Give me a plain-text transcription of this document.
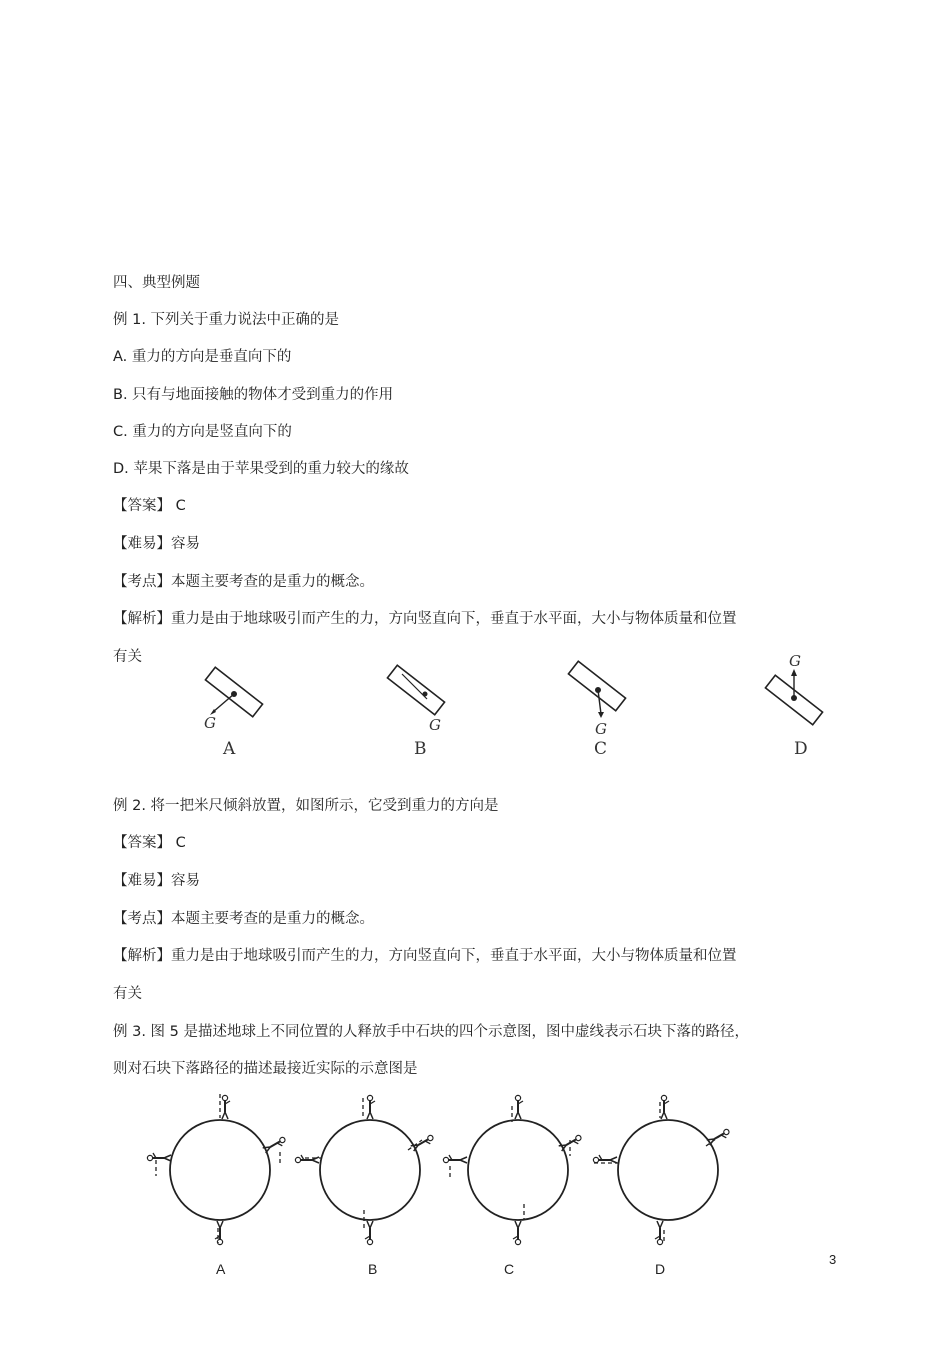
四、典型例题
例 1. 下列关于重力说法中正确的是
A. 重力的方向是垂直向下的
B. 只有与地面接触的物体才受到重力的作用
C. 重力的方向是竖直向下的
D. 苹果下落是由于苹果受到的重力较大的缘故
【答案】 C
【难易】容易
【考点】本题主要考查的是重力的概念。
【解析】重力是由于地球吸引而产生的力，方向竖直向下，垂直于水平面，大小与物体质量和位置
有关
G	G	G
G
A	B	C	D
例 2. 将一把米尺倾斜放置，如图所示，它受到重力的方向是
【答案】 C
【难易】容易
【考点】本题主要考查的是重力的概念。
【解析】重力是由于地球吸引而产生的力，方向竖直向下，垂直于水平面，大小与物体质量和位置
有关
例 3. 图 5 是描述地球上不同位置的人释放手中石块的四个示意图，图中虚线表示石块下落的路径，
则对石块下落路径的描述最接近实际的示意图是
A	B	C	D
3
